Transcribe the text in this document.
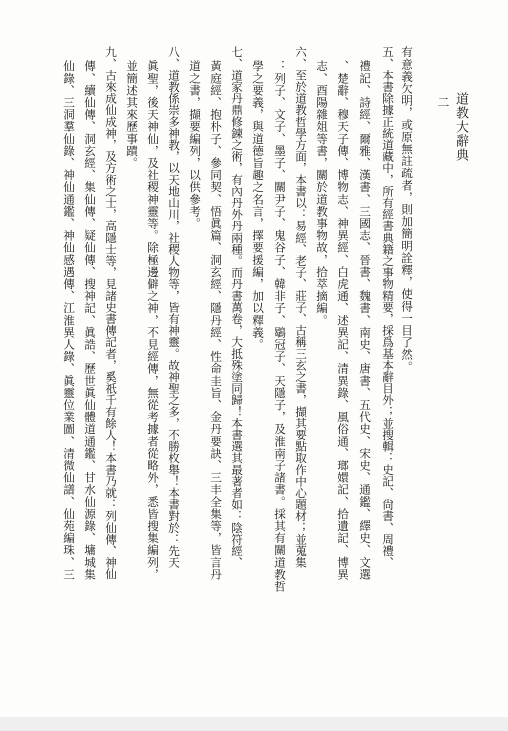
道教大辭典
二
有意義欠明，或原無註疏者，則加簡明詮釋，使得一目了然。
五、本書除據正統道藏中，所有經書典籍之事物精要，採爲基本辭目外；並搜輯：史記、尙書、周禮、
禮記、詩經、爾雅、漢書、三國志、晉書、魏書、南史、唐書、五代史、宋史、通鑑、繹史、文選
、楚辭、穆天子傳、博物志、神異經、白虎通、述異記、清異錄、風俗通、瑯嬛記、拾遺記、博異
志、酉陽雜俎等書，關於道教事物故，拾萃摘編。
六、至於道教哲學方面，本書以：易經、老子、莊子、古稱三玄之書，擷其要點取作中心題材；並蒐集
：列子、文子、墨子、關尹子、鬼谷子、韓非子、鶡冠子、天隱子，及淮南子諸書。採其有關道教哲
學之要義，與道德旨趣之名言，擇要援編，加以釋義。
七、道家丹鼎修鍊之術，有內丹外丹兩種。而丹書萬卷，大抵殊塗同歸！本書選其最著者如：陰符經、
黃庭經、抱朴子、參同契、悟眞篇、洞玄經、隱丹經、性命圭旨、金丹要訣、三丰全集等，皆言丹
道之書，擷要編列，以供參考。
八、道教係崇多神教，以天地山川，社稷人物等，皆有神靈。故神聖之多，不勝枚舉！本書對於：先天
眞聖，後天神仙，及社稷神靈等。除極邊僻之神，不見經傳，無從考據者從略外，悉皆搜集編列，
並簡述其來歷事蹟。
九、古來成仙成神，及方術之士，高隱士等，見諸史書傳記者，奚祇千有餘人！本書乃就：列仙傳、神仙
傳、續仙傳、洞玄經、集仙傳、疑仙傳、搜神記、眞誥、歷世眞仙體道通鑑、甘水仙源錄、墉城集
仙錄、三洞羣仙錄、神仙通鑑、神仙感遇傳、江淮異人錄、眞靈位業圖、清微仙譜、仙苑編珠、三
